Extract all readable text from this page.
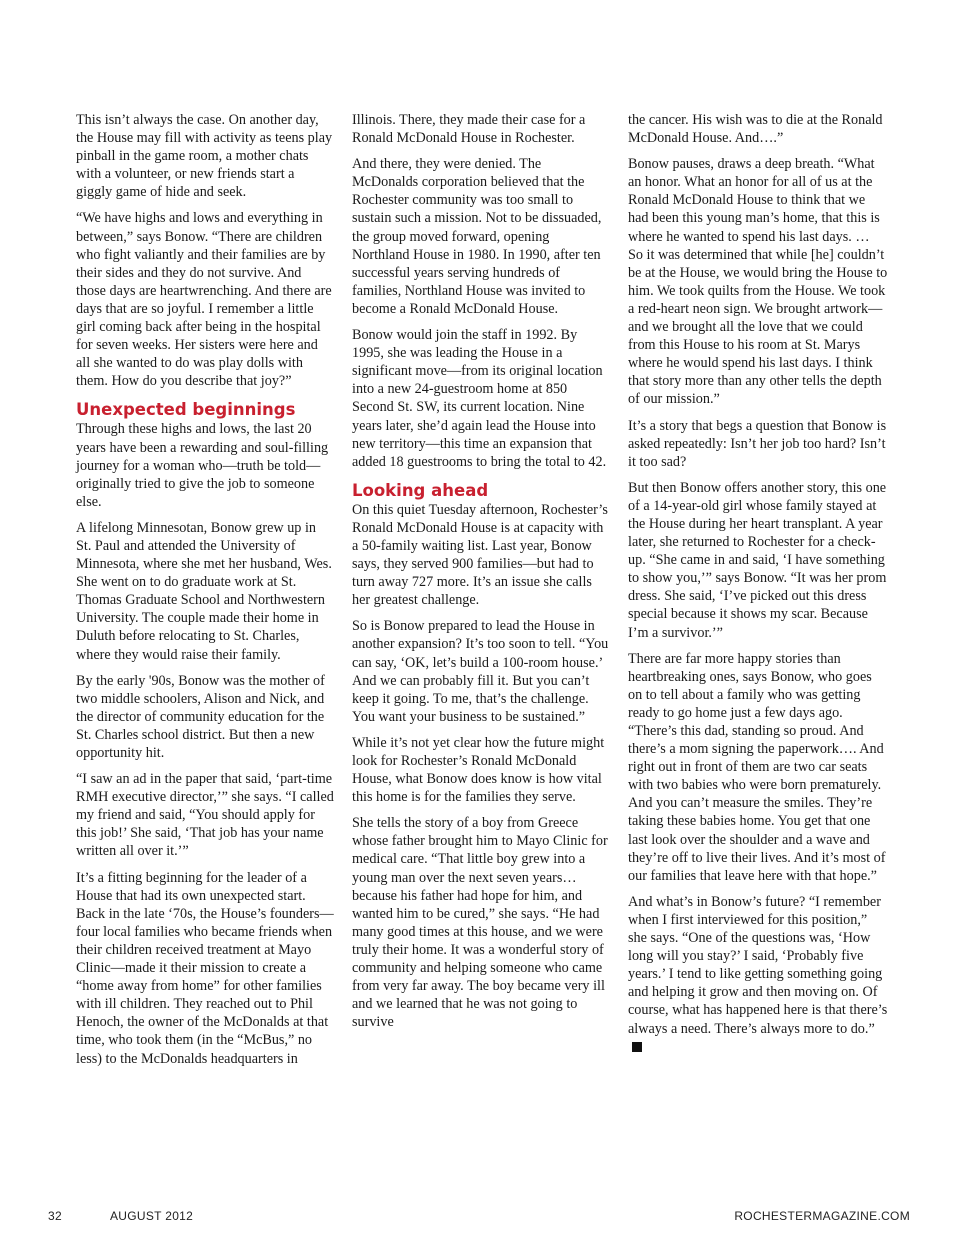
This isn’t always the case. On another day, the House may fill with activity as teens play pinball in the game room, a mother chats with a volunteer, or new friends start a giggly game of hide and seek.

“We have highs and lows and everything in between,” says Bonow. “There are children who fight valiantly and their families are by their sides and they do not survive. And those days are heartwrenching. And there are days that are so joyful. I remember a little girl coming back after being in the hospital for seven weeks. Her sisters were here and all she wanted to do was play dolls with them. How do you describe that joy?”

Unexpected beginnings

Through these highs and lows, the last 20 years have been a rewarding and soul-filling journey for a woman who—truth be told—originally tried to give the job to someone else.

A lifelong Minnesotan, Bonow grew up in St. Paul and attended the University of Minnesota, where she met her husband, Wes. She went on to do graduate work at St. Thomas Graduate School and Northwestern University. The couple made their home in Duluth before relocating to St. Charles, where they would raise their family.

By the early '90s, Bonow was the mother of two middle schoolers, Alison and Nick, and the director of community education for the St. Charles school district. But then a new opportunity hit.

“I saw an ad in the paper that said, ‘part-time RMH executive director,’” she says. “I called my friend and said, “You should apply for this job!’ She said, ‘That job has your name written all over it.’”

It’s a fitting beginning for the leader of a House that had its own unexpected start. Back in the late ‘70s, the House’s founders—four local families who became friends when their children received treatment at Mayo Clinic—made it their mission to create a “home away from home” for other families with ill children. They reached out to Phil Henoch, the owner of the McDonalds at that time, who took them (in the “McBus,” no less) to the McDonalds headquarters in

Illinois. There, they made their case for a Ronald McDonald House in Rochester.

And there, they were denied. The McDonalds corporation believed that the Rochester community was too small to sustain such a mission. Not to be dissuaded, the group moved forward, opening Northland House in 1980. In 1990, after ten successful years serving hundreds of families, Northland House was invited to become a Ronald McDonald House.

Bonow would join the staff in 1992. By 1995, she was leading the House in a significant move—from its original location into a new 24-guestroom home at 850 Second St. SW, its current location. Nine years later, she’d again lead the House into new territory—this time an expansion that added 18 guestrooms to bring the total to 42.

Looking ahead

On this quiet Tuesday afternoon, Rochester’s Ronald McDonald House is at capacity with a 50-family waiting list. Last year, Bonow says, they served 900 families—but had to turn away 727 more. It’s an issue she calls her greatest challenge.

So is Bonow prepared to lead the House in another expansion? It’s too soon to tell. “You can say, ‘OK, let’s build a 100-room house.’ And we can probably fill it. But you can’t keep it going. To me, that’s the challenge. You want your business to be sustained.”

While it’s not yet clear how the future might look for Rochester’s Ronald McDonald House, what Bonow does know is how vital this home is for the families they serve.

She tells the story of a boy from Greece whose father brought him to Mayo Clinic for medical care. “That little boy grew into a young man over the next seven years… because his father had hope for him, and wanted him to be cured,” she says. “He had many good times at this house, and we were truly their home. It was a wonderful story of community and helping someone who came from very far away. The boy became very ill and we learned that he was not going to survive

the cancer. His wish was to die at the Ronald McDonald House. And….”

Bonow pauses, draws a deep breath. “What an honor. What an honor for all of us at the Ronald McDonald House to think that we had been this young man’s home, that this is where he wanted to spend his last days. … So it was determined that while [he] couldn’t be at the House, we would bring the House to him. We took quilts from the House. We took a red-heart neon sign. We brought artwork—and we brought all the love that we could from this House to his room at St. Marys where he would spend his last days. I think that story more than any other tells the depth of our mission.”

It’s a story that begs a question that Bonow is asked repeatedly: Isn’t her job too hard? Isn’t it too sad?

But then Bonow offers another story, this one of a 14-year-old girl whose family stayed at the House during her heart transplant. A year later, she returned to Rochester for a check-up. “She came in and said, ‘I have something to show you,’” says Bonow. “It was her prom dress. She said, ‘I’ve picked out this dress special because it shows my scar. Because I’m a survivor.’”

There are far more happy stories than heartbreaking ones, says Bonow, who goes on to tell about a family who was getting ready to go home just a few days ago. “There’s this dad, standing so proud. And there’s a mom signing the paperwork…. And right out in front of them are two car seats with two babies who were born prematurely. And you can’t measure the smiles. They’re taking these babies home. You get that one last look over the shoulder and a wave and they’re off to live their lives. And it’s most of our families that leave here with that hope.”

And what’s in Bonow’s future? “I remember when I first interviewed for this position,” she says. “One of the questions was, ‘How long will you stay?’ I said, ‘Probably five years.’ I tend to like getting something going and helping it grow and then moving on. Of course, what has happened here is that there’s always a need. There’s always more to do.”

32	AUGUST 2012	ROCHESTERMAGAZINE.COM
